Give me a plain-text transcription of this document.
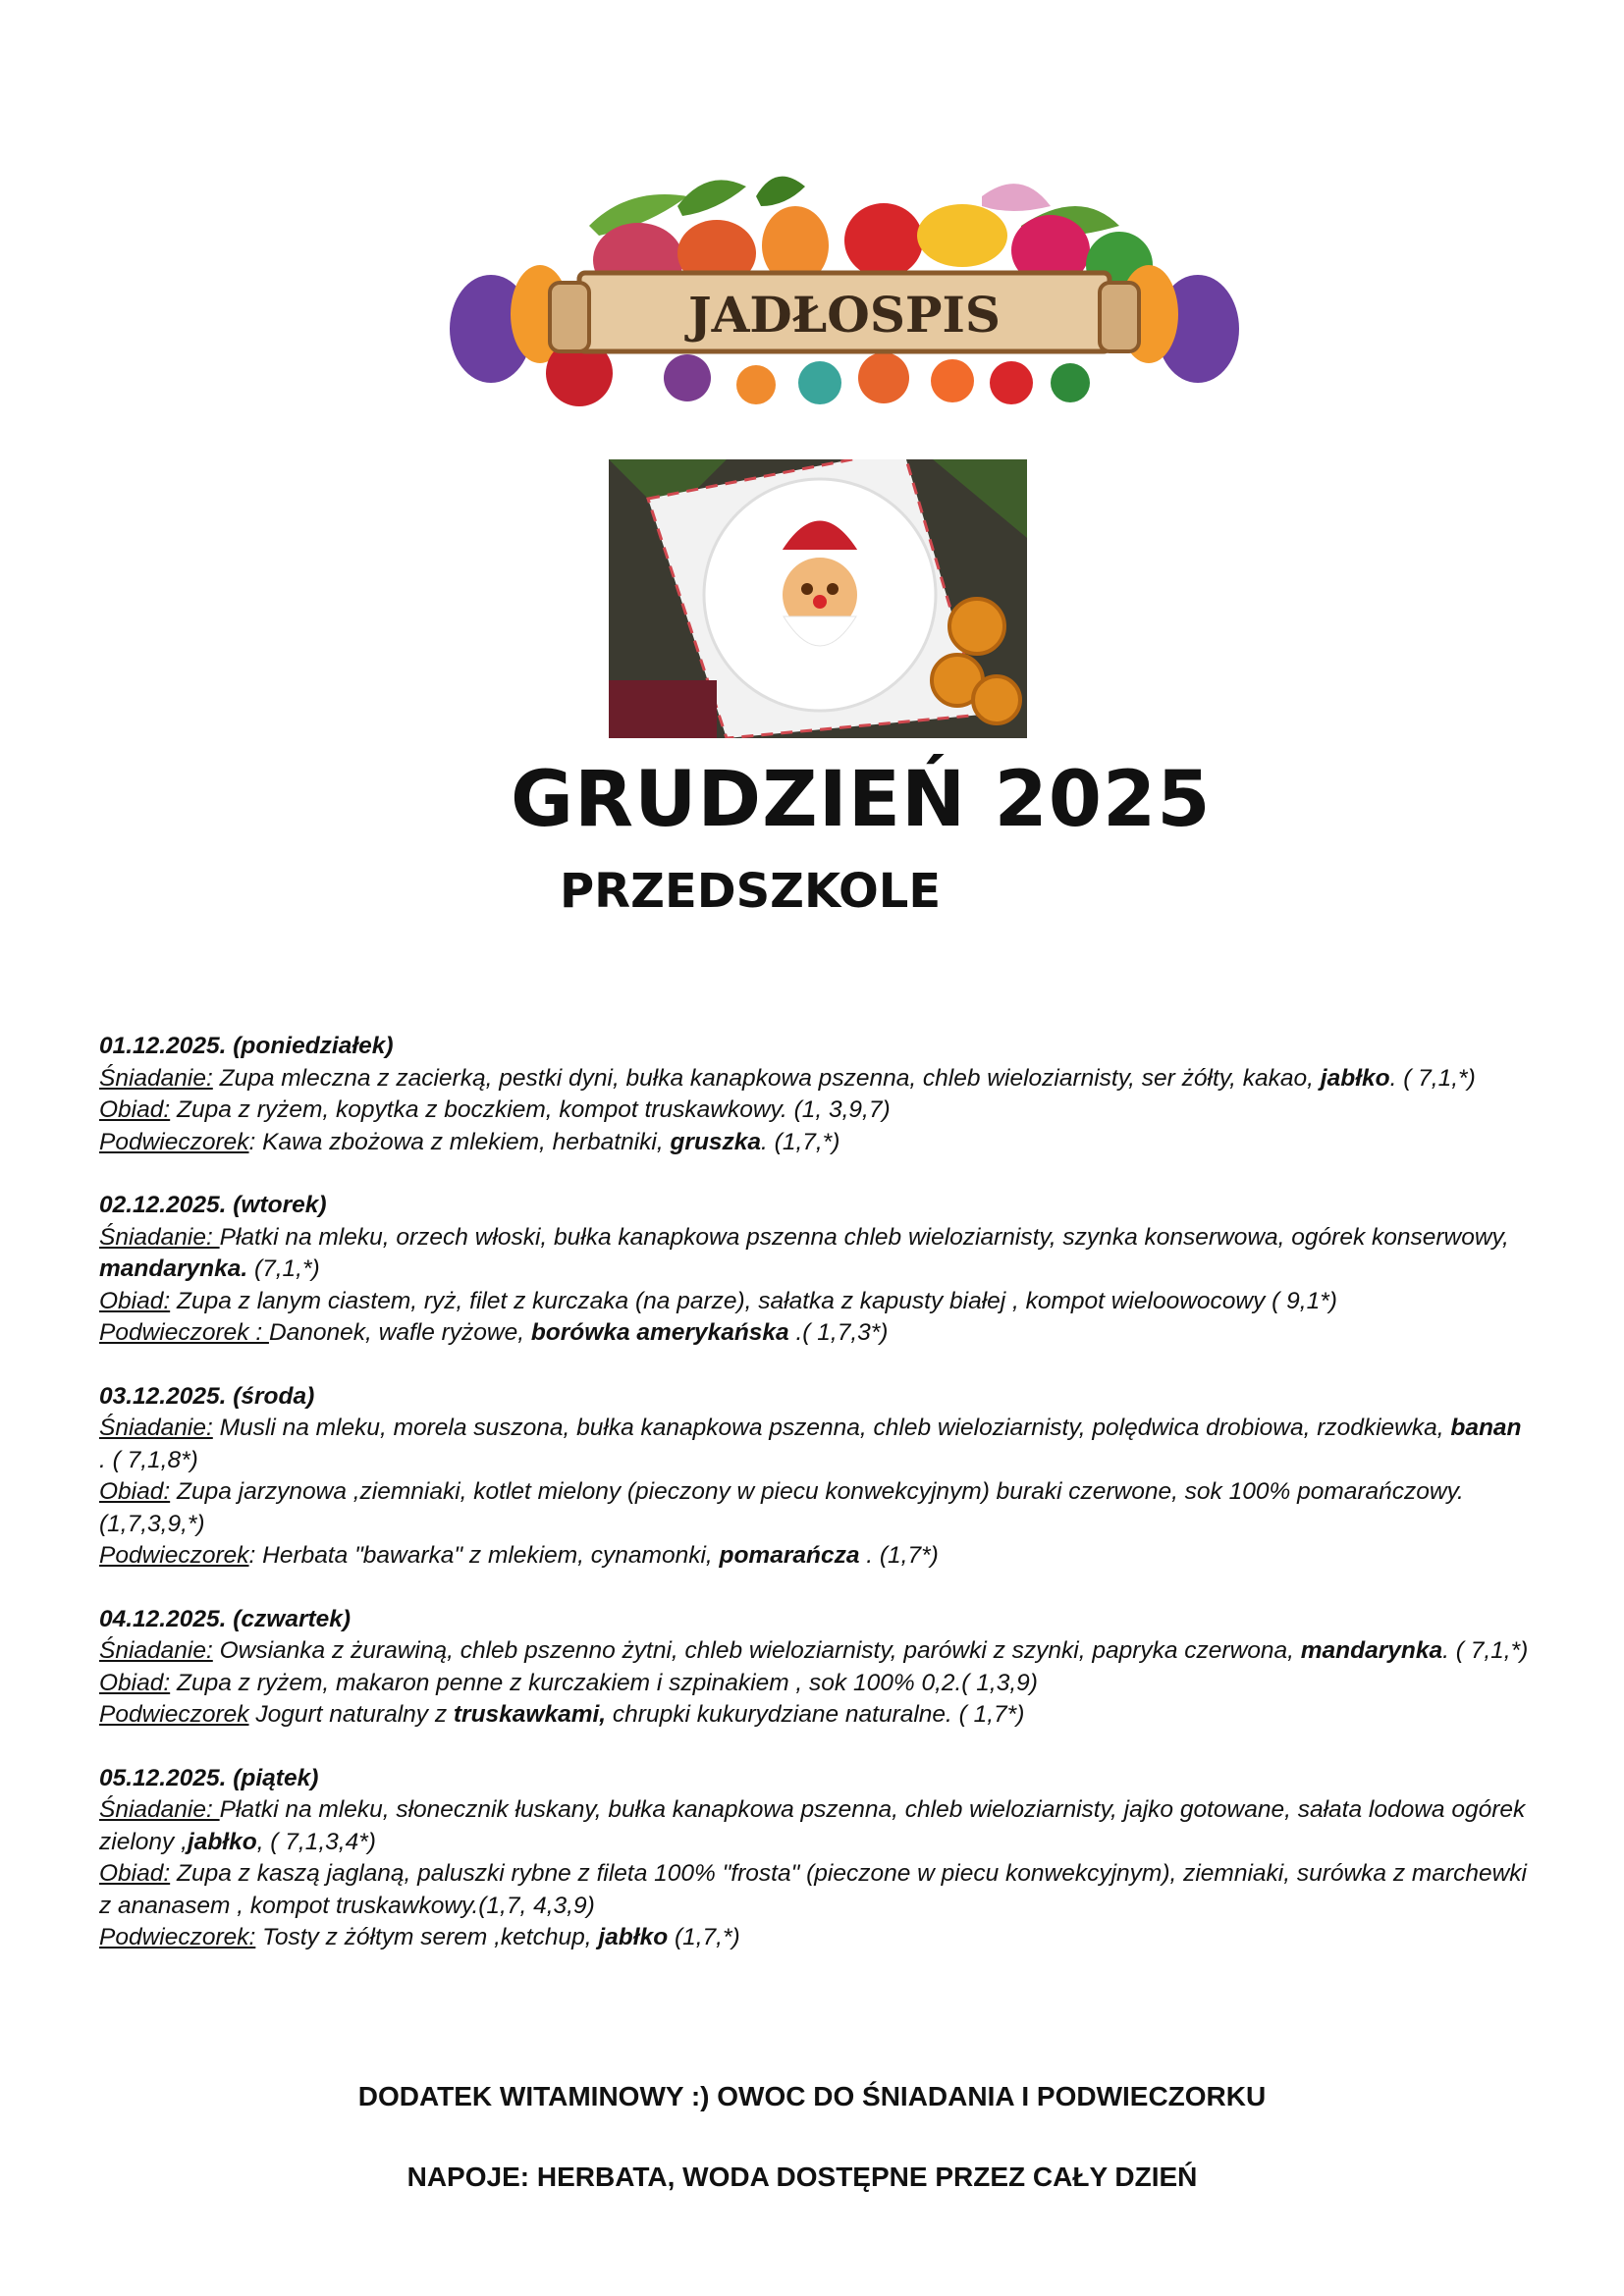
JADŁOSPIS
GRUDZIEŃ 2025
PRZEDSZKOLE
01.12.2025. (poniedziałek)
Śniadanie: Zupa mleczna z zacierką, pestki dyni, bułka kanapkowa pszenna, chleb wieloziarnisty, ser żółty, kakao, jabłko. ( 7,1,*)
Obiad: Zupa z ryżem, kopytka z boczkiem, kompot truskawkowy. (1, 3,9,7)
Podwieczorek: Kawa zbożowa z mlekiem, herbatniki, gruszka. (1,7,*)
02.12.2025. (wtorek)
Śniadanie: Płatki na mleku, orzech włoski, bułka kanapkowa pszenna chleb wieloziarnisty, szynka konserwowa, ogórek konserwowy, mandarynka. (7,1,*)
Obiad: Zupa z lanym ciastem, ryż, filet z kurczaka (na parze), sałatka z kapusty białej , kompot wieloowocowy ( 9,1*)
Podwieczorek : Danonek, wafle ryżowe, borówka amerykańska .( 1,7,3*)
03.12.2025. (środa)
Śniadanie: Musli na mleku, morela suszona, bułka kanapkowa pszenna, chleb wieloziarnisty, polędwica drobiowa, rzodkiewka, banan . ( 7,1,8*)
Obiad: Zupa jarzynowa ,ziemniaki, kotlet mielony (pieczony w piecu konwekcyjnym) buraki czerwone, sok 100% pomarańczowy. (1,7,3,9,*)
Podwieczorek: Herbata "bawarka" z mlekiem, cynamonki, pomarańcza . (1,7*)
04.12.2025. (czwartek)
Śniadanie: Owsianka z żurawiną, chleb pszenno żytni, chleb wieloziarnisty, parówki z szynki, papryka czerwona, mandarynka. ( 7,1,*)
Obiad: Zupa z ryżem, makaron penne z kurczakiem i szpinakiem , sok 100% 0,2.( 1,3,9)
Podwieczorek Jogurt naturalny z truskawkami, chrupki kukurydziane naturalne. ( 1,7*)
05.12.2025. (piątek)
Śniadanie: Płatki na mleku, słonecznik łuskany, bułka kanapkowa pszenna, chleb wieloziarnisty, jajko gotowane, sałata lodowa ogórek zielony ,jabłko, ( 7,1,3,4*)
Obiad: Zupa z kaszą jaglaną, paluszki rybne z fileta 100% "frosta" (pieczone w piecu konwekcyjnym), ziemniaki, surówka z marchewki z ananasem , kompot truskawkowy.(1,7, 4,3,9)
Podwieczorek: Tosty z żółtym serem ,ketchup, jabłko (1,7,*)
DODATEK WITAMINOWY :) OWOC DO ŚNIADANIA I PODWIECZORKU
NAPOJE: HERBATA, WODA DOSTĘPNE PRZEZ CAŁY DZIEŃ
